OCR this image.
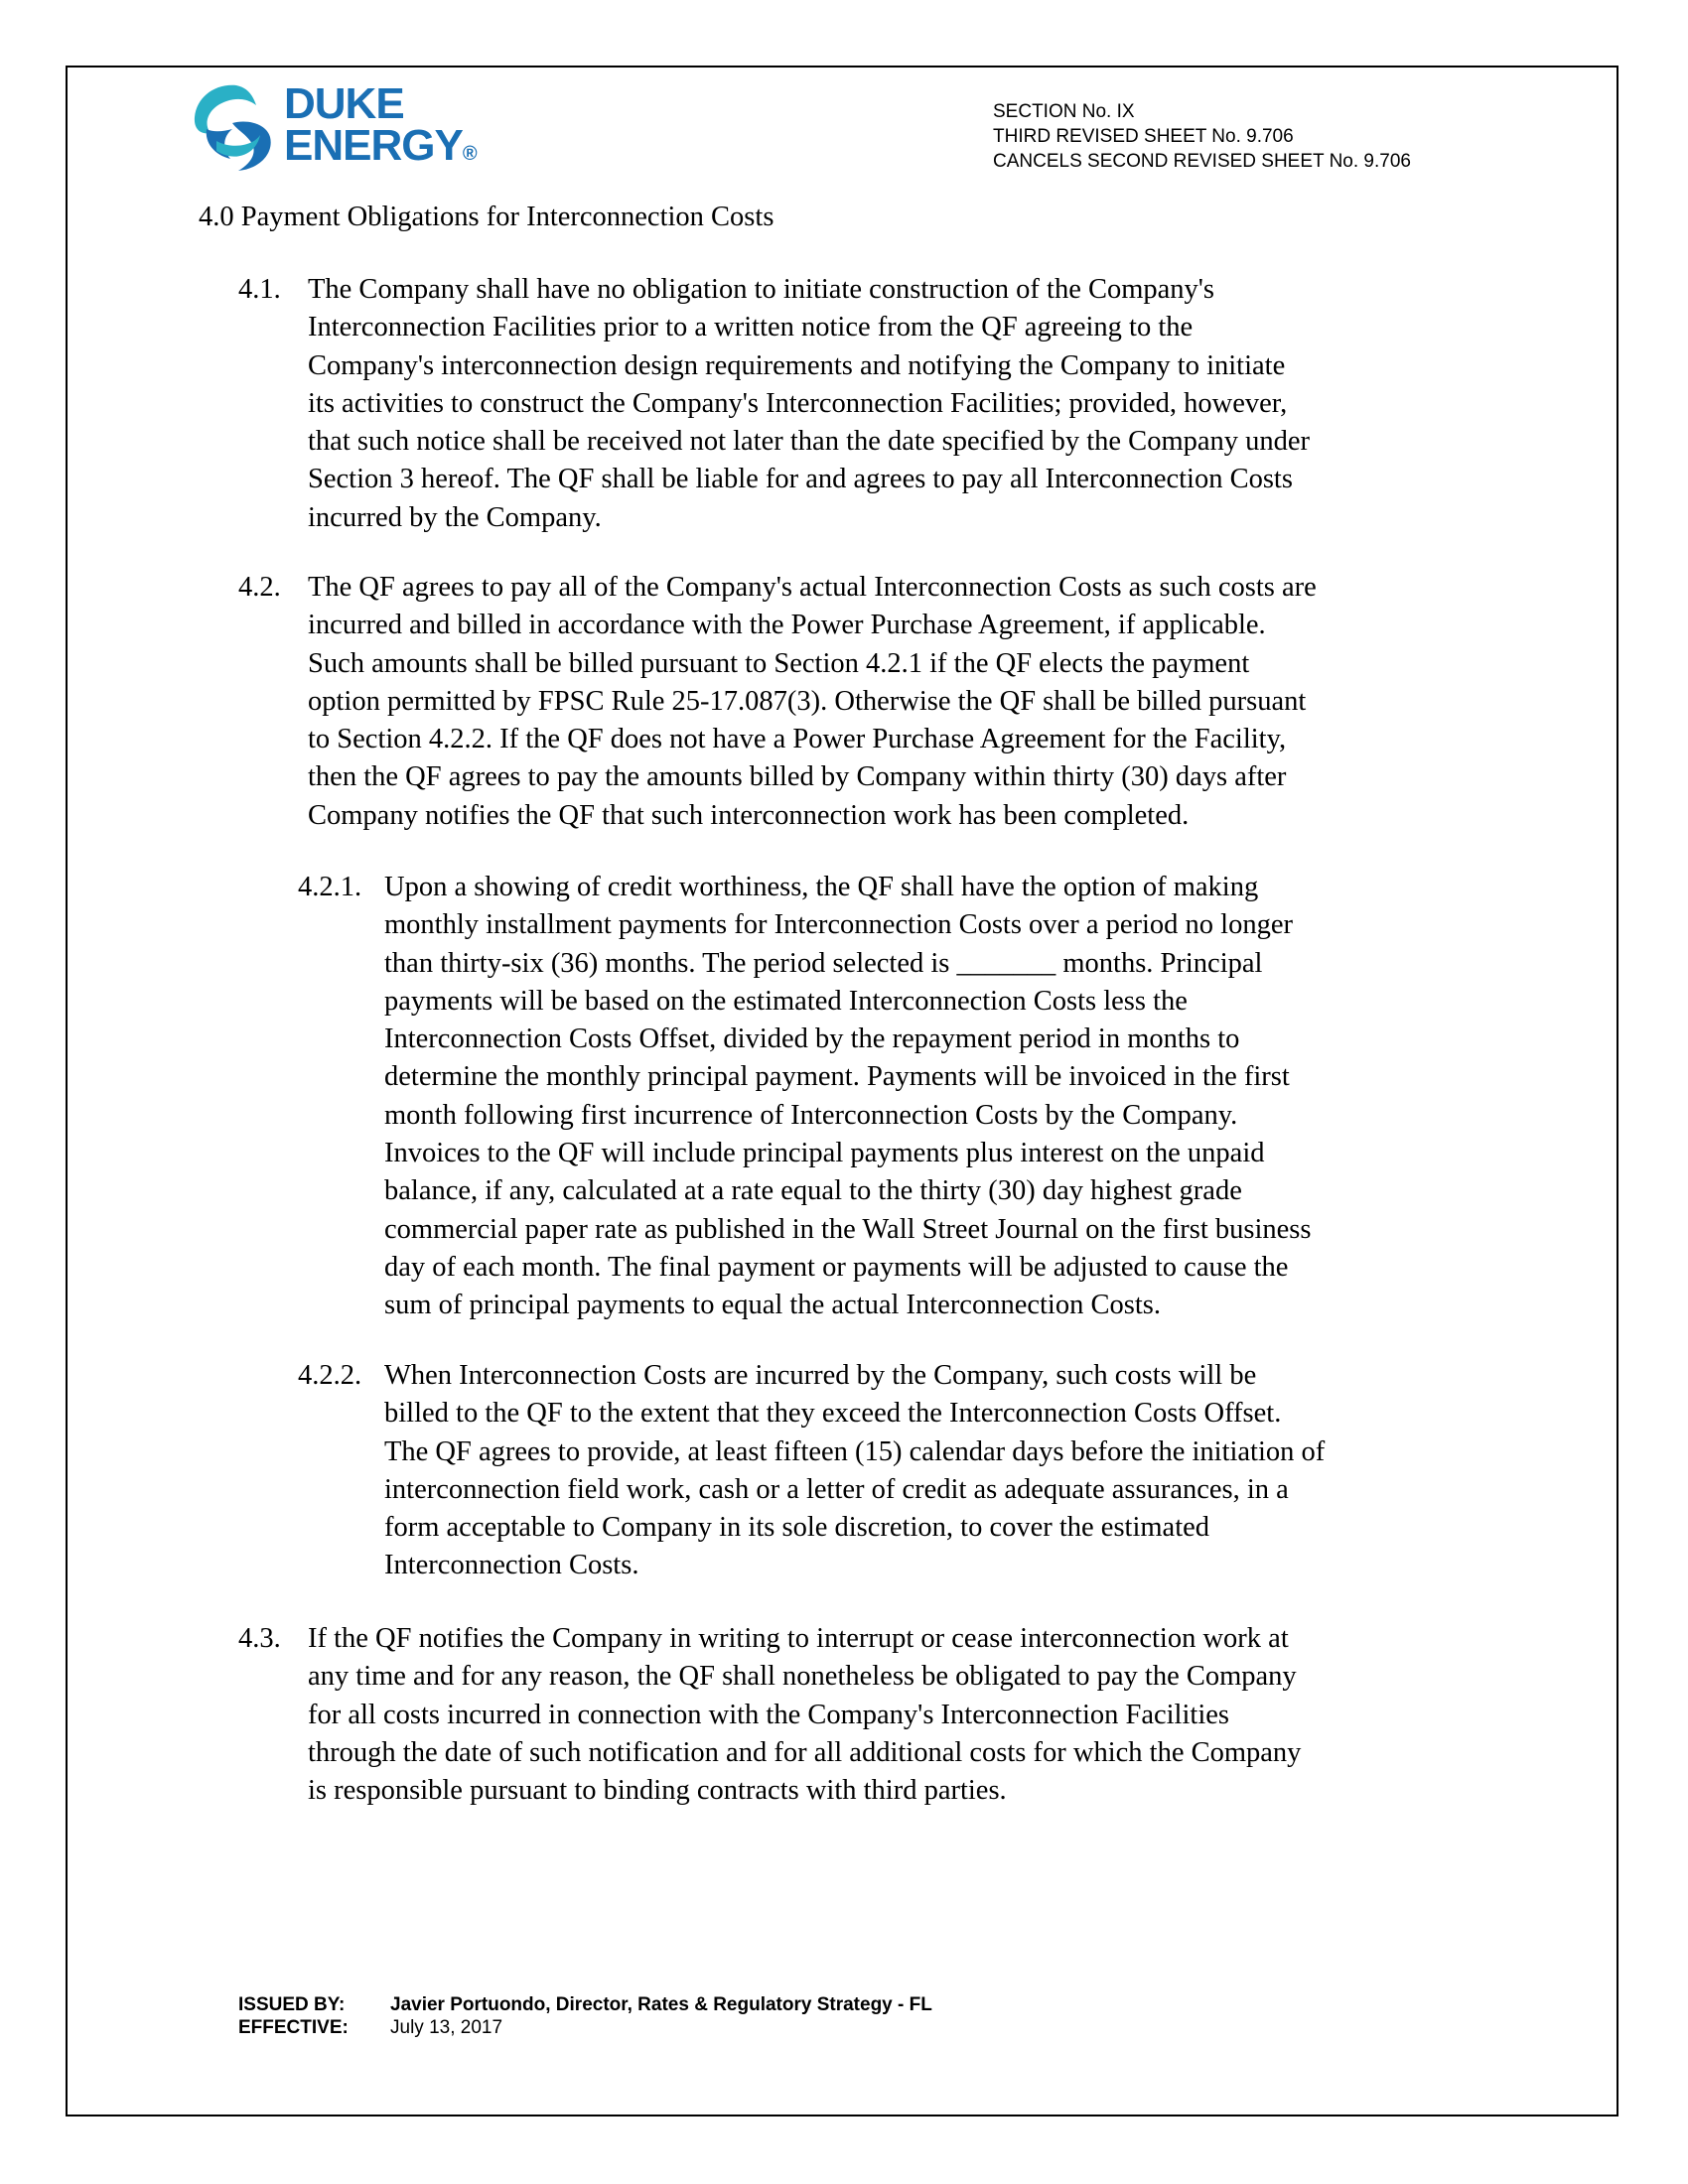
DUKE
ENERGY®
SECTION No. IX
THIRD REVISED SHEET No. 9.706
CANCELS SECOND REVISED SHEET No. 9.706
4.0 Payment Obligations for Interconnection Costs
4.1. The Company shall have no obligation to initiate construction of the Company's
Interconnection Facilities prior to a written notice from the QF agreeing to the
Company's interconnection design requirements and notifying the Company to initiate
its activities to construct the Company's Interconnection Facilities; provided, however,
that such notice shall be received not later than the date specified by the Company under
Section 3 hereof. The QF shall be liable for and agrees to pay all Interconnection Costs
incurred by the Company.
4.2. The QF agrees to pay all of the Company's actual Interconnection Costs as such costs are
incurred and billed in accordance with the Power Purchase Agreement, if applicable.
Such amounts shall be billed pursuant to Section 4.2.1 if the QF elects the payment
option permitted by FPSC Rule 25-17.087(3). Otherwise the QF shall be billed pursuant
to Section 4.2.2. If the QF does not have a Power Purchase Agreement for the Facility,
then the QF agrees to pay the amounts billed by Company within thirty (30) days after
Company notifies the QF that such interconnection work has been completed.
4.2.1. Upon a showing of credit worthiness, the QF shall have the option of making
monthly installment payments for Interconnection Costs over a period no longer
than thirty-six (36) months. The period selected is _______ months. Principal
payments will be based on the estimated Interconnection Costs less the
Interconnection Costs Offset, divided by the repayment period in months to
determine the monthly principal payment. Payments will be invoiced in the first
month following first incurrence of Interconnection Costs by the Company.
Invoices to the QF will include principal payments plus interest on the unpaid
balance, if any, calculated at a rate equal to the thirty (30) day highest grade
commercial paper rate as published in the Wall Street Journal on the first business
day of each month. The final payment or payments will be adjusted to cause the
sum of principal payments to equal the actual Interconnection Costs.
4.2.2. When Interconnection Costs are incurred by the Company, such costs will be
billed to the QF to the extent that they exceed the Interconnection Costs Offset.
The QF agrees to provide, at least fifteen (15) calendar days before the initiation of
interconnection field work, cash or a letter of credit as adequate assurances, in a
form acceptable to Company in its sole discretion, to cover the estimated
Interconnection Costs.
4.3. If the QF notifies the Company in writing to interrupt or cease interconnection work at
any time and for any reason, the QF shall nonetheless be obligated to pay the Company
for all costs incurred in connection with the Company's Interconnection Facilities
through the date of such notification and for all additional costs for which the Company
is responsible pursuant to binding contracts with third parties.
ISSUED BY: Javier Portuondo, Director, Rates & Regulatory Strategy - FL
EFFECTIVE: July 13, 2017
